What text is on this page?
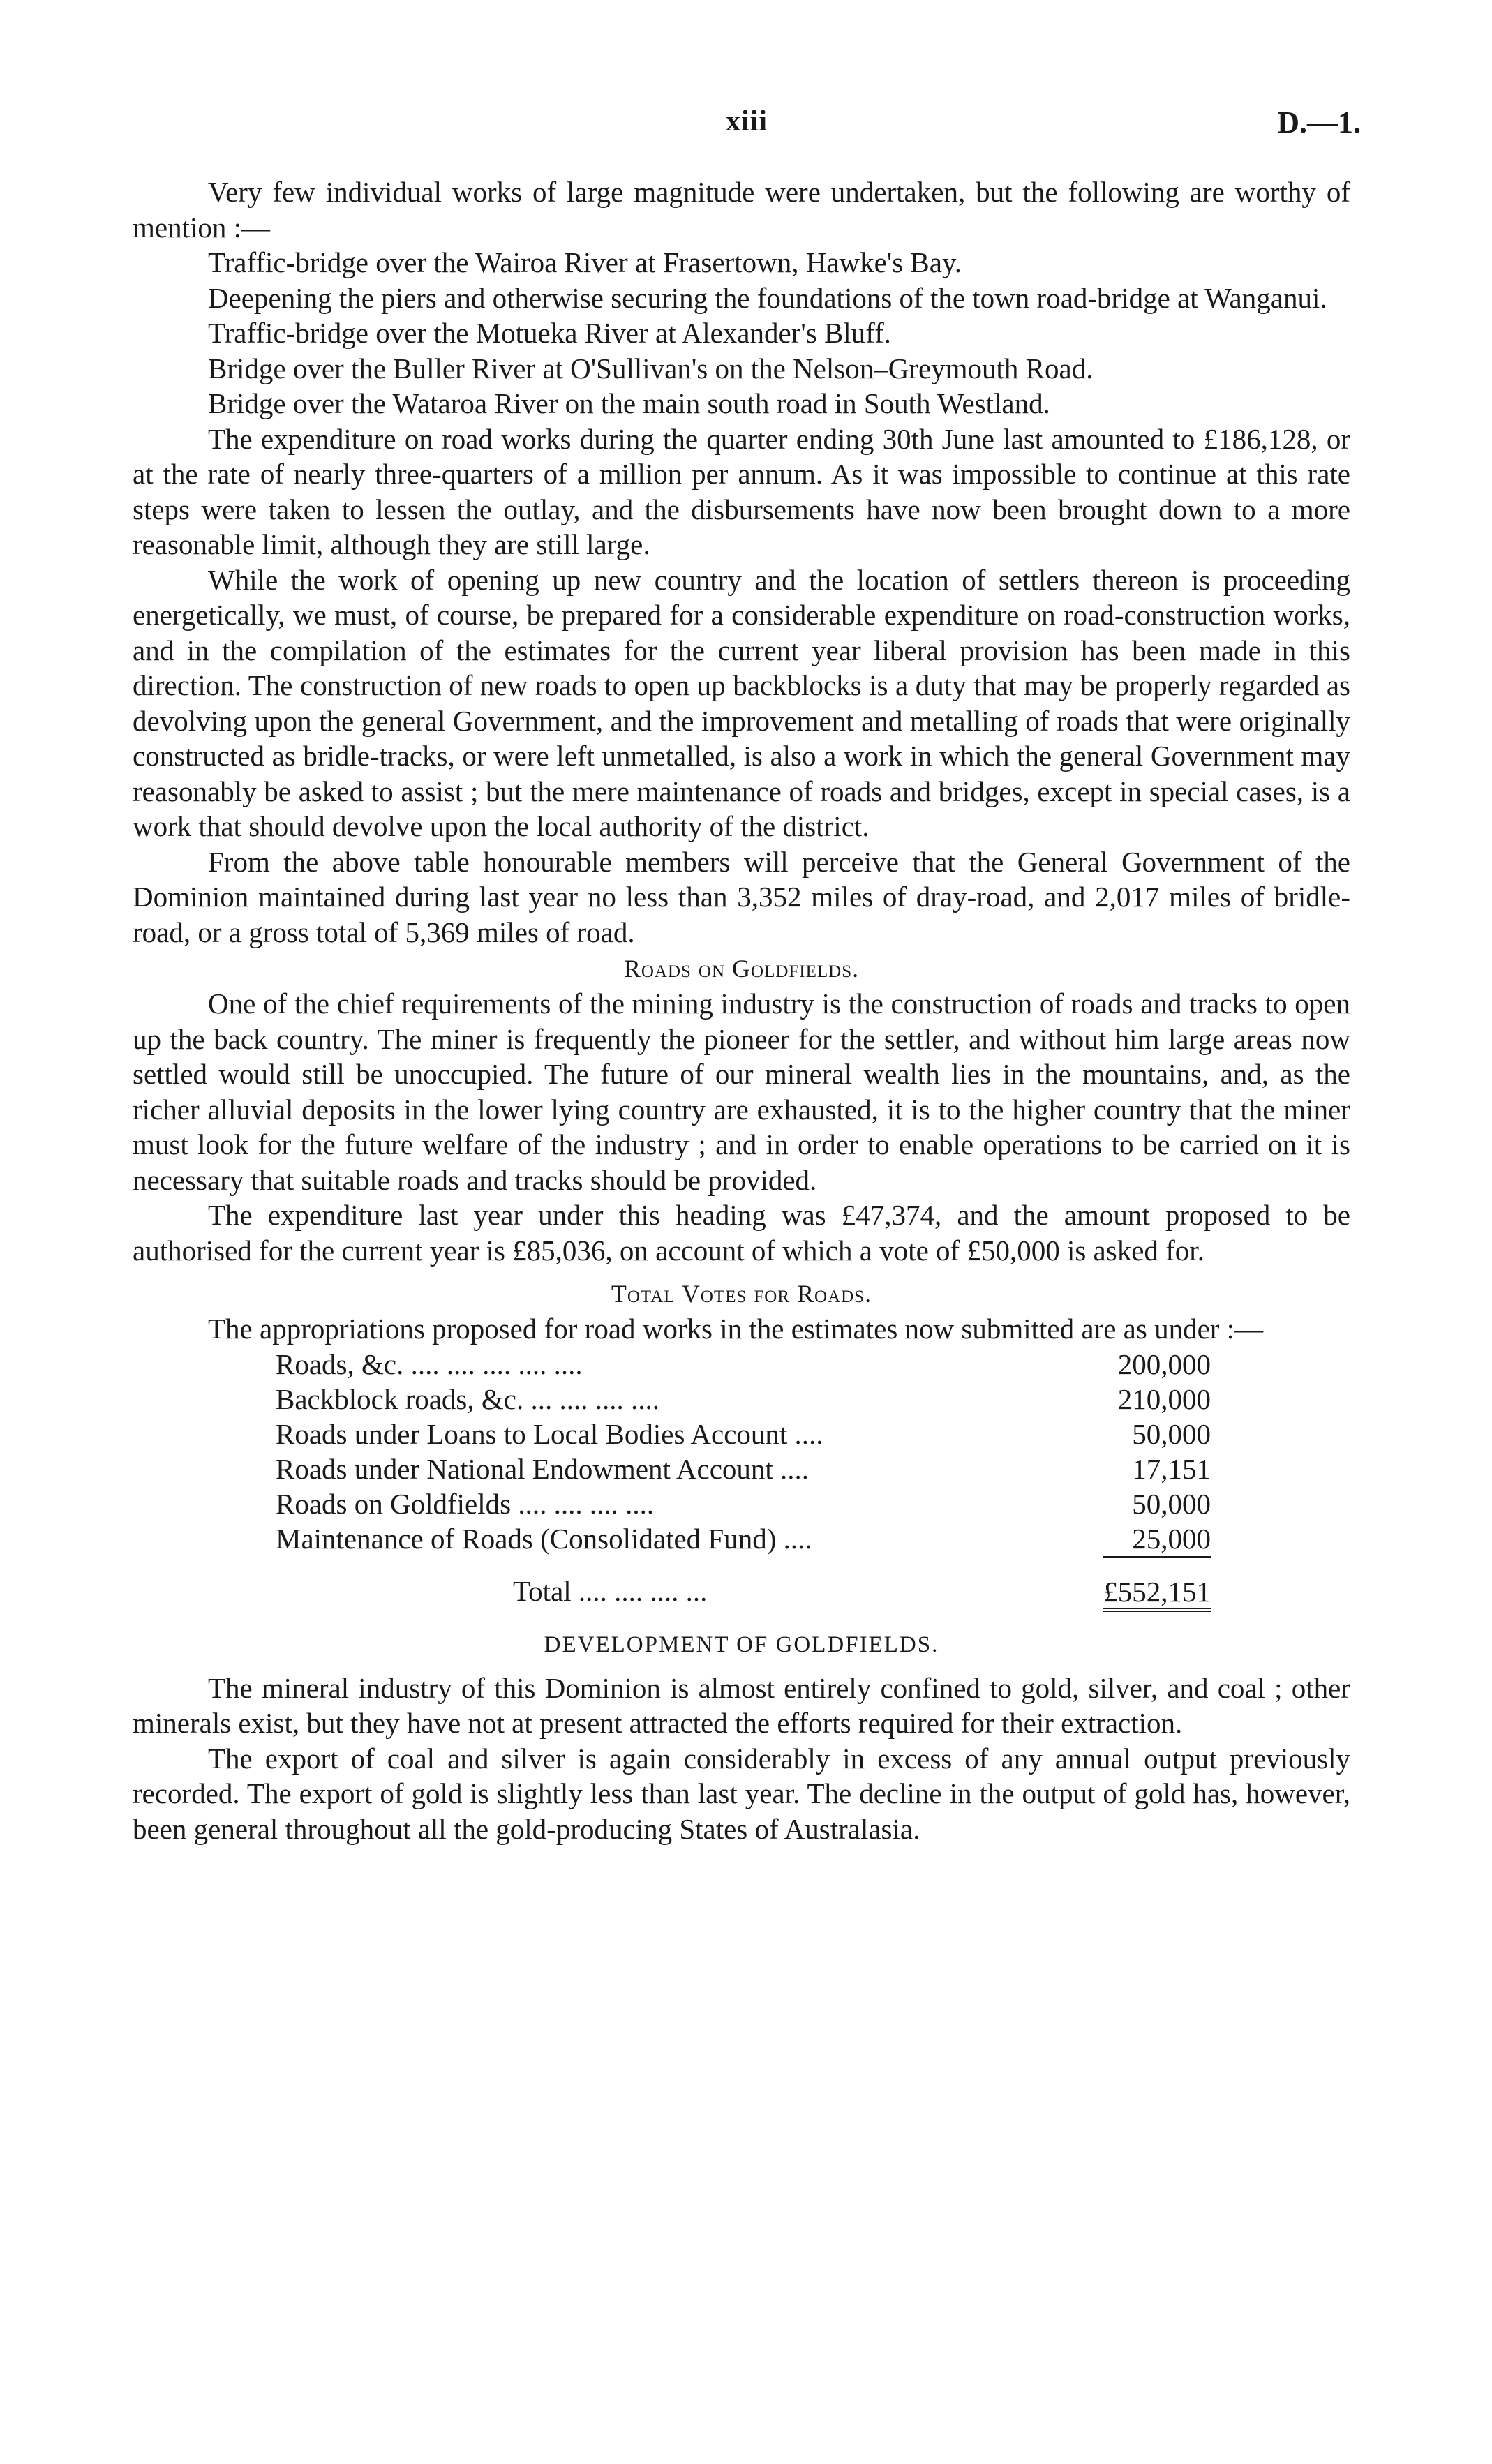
xiii	D.—1.

Very few individual works of large magnitude were undertaken, but the following are worthy of mention :—

Traffic-bridge over the Wairoa River at Frasertown, Hawke's Bay.

Deepening the piers and otherwise securing the foundations of the town road-bridge at Wanganui.

Traffic-bridge over the Motueka River at Alexander's Bluff.

Bridge over the Buller River at O'Sullivan's on the Nelson–Greymouth Road.

Bridge over the Wataroa River on the main south road in South Westland.

The expenditure on road works during the quarter ending 30th June last amounted to £186,128, or at the rate of nearly three-quarters of a million per annum. As it was impossible to continue at this rate steps were taken to lessen the outlay, and the disbursements have now been brought down to a more reasonable limit, although they are still large.

While the work of opening up new country and the location of settlers thereon is proceeding energetically, we must, of course, be prepared for a considerable expenditure on road-construction works, and in the compilation of the estimates for the current year liberal provision has been made in this direction. The construction of new roads to open up backblocks is a duty that may be properly regarded as devolving upon the general Government, and the improvement and metalling of roads that were originally constructed as bridle-tracks, or were left unmetalled, is also a work in which the general Government may reasonably be asked to assist ; but the mere maintenance of roads and bridges, except in special cases, is a work that should devolve upon the local authority of the district.

From the above table honourable members will perceive that the General Government of the Dominion maintained during last year no less than 3,352 miles of dray-road, and 2,017 miles of bridle-road, or a gross total of 5,369 miles of road.

Roads on Goldfields.

One of the chief requirements of the mining industry is the construction of roads and tracks to open up the back country. The miner is frequently the pioneer for the settler, and without him large areas now settled would still be unoccupied. The future of our mineral wealth lies in the mountains, and, as the richer alluvial deposits in the lower lying country are exhausted, it is to the higher country that the miner must look for the future welfare of the industry ; and in order to enable operations to be carried on it is necessary that suitable roads and tracks should be provided.

The expenditure last year under this heading was £47,374, and the amount proposed to be authorised for the current year is £85,036, on account of which a vote of £50,000 is asked for.

Total Votes for Roads.

The appropriations proposed for road works in the estimates now submitted are as under :—

Roads, &c. .... .... .... .... ....	200,000
Backblock roads, &c. ... .... .... ....	210,000
Roads under Loans to Local Bodies Account ....	50,000
Roads under National Endowment Account ....	17,151
Roads on Goldfields .... .... .... ....	50,000
Maintenance of Roads (Consolidated Fund) ....	25,000
Total .... .... .... ...	£552,151
DEVELOPMENT OF GOLDFIELDS.

The mineral industry of this Dominion is almost entirely confined to gold, silver, and coal ; other minerals exist, but they have not at present attracted the efforts required for their extraction.

The export of coal and silver is again considerably in excess of any annual output previously recorded. The export of gold is slightly less than last year. The decline in the output of gold has, however, been general throughout all the gold-producing States of Australasia.
